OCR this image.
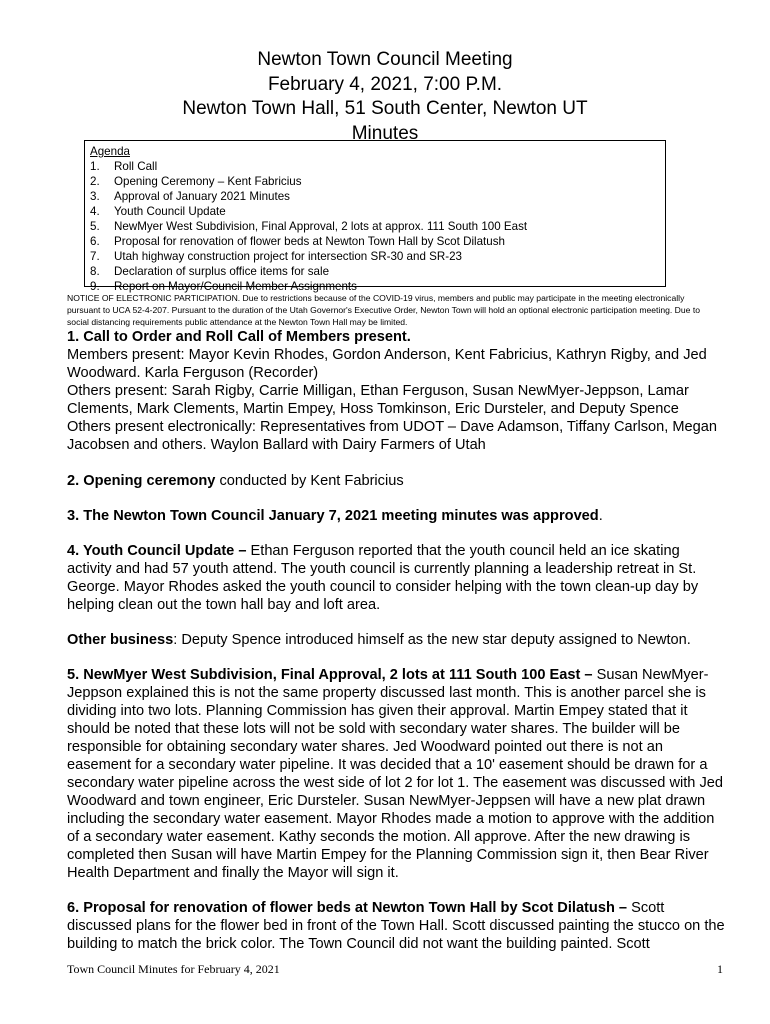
Newton Town Council Meeting
February 4, 2021, 7:00 P.M.
Newton Town Hall, 51 South Center, Newton UT
Minutes
Agenda
1.	Roll Call
2.	Opening Ceremony – Kent Fabricius
3.	Approval of January 2021 Minutes
4.	Youth Council Update
5.	NewMyer West Subdivision, Final Approval, 2 lots at approx. 111 South 100 East
6.	Proposal for renovation of flower beds at Newton Town Hall by Scot Dilatush
7.	Utah highway construction project for intersection SR-30 and SR-23
8.	Declaration of surplus office items for sale
9.	Report on Mayor/Council Member Assignments
NOTICE OF ELECTRONIC PARTICIPATION. Due to restrictions because of the COVID-19 virus, members and public may participate in the meeting electronically pursuant to UCA 52-4-207. Pursuant to the duration of the Utah Governor's Executive Order, Newton Town will hold an optional electronic participation meeting. Due to social distancing requirements public attendance at the Newton Town Hall may be limited.

1. Call to Order and Roll Call of Members present.
Members present: Mayor Kevin Rhodes, Gordon Anderson, Kent Fabricius, Kathryn Rigby, and Jed Woodward. Karla Ferguson (Recorder)
Others present: Sarah Rigby, Carrie Milligan, Ethan Ferguson, Susan NewMyer-Jeppson, Lamar Clements, Mark Clements, Martin Empey, Hoss Tomkinson, Eric Dursteler, and Deputy Spence
Others present electronically: Representatives from UDOT – Dave Adamson, Tiffany Carlson, Megan Jacobsen and others. Waylon Ballard with Dairy Farmers of Utah

2. Opening ceremony conducted by Kent Fabricius

3. The Newton Town Council January 7, 2021 meeting minutes was approved.

4. Youth Council Update – Ethan Ferguson reported that the youth council held an ice skating activity and had 57 youth attend. The youth council is currently planning a leadership retreat in St. George. Mayor Rhodes asked the youth council to consider helping with the town clean-up day by helping clean out the town hall bay and loft area.

Other business: Deputy Spence introduced himself as the new star deputy assigned to Newton.

5. NewMyer West Subdivision, Final Approval, 2 lots at 111 South 100 East – Susan NewMyer-Jeppson explained this is not the same property discussed last month. This is another parcel she is dividing into two lots. Planning Commission has given their approval. Martin Empey stated that it should be noted that these lots will not be sold with secondary water shares. The builder will be responsible for obtaining secondary water shares. Jed Woodward pointed out there is not an easement for a secondary water pipeline. It was decided that a 10' easement should be drawn for a secondary water pipeline across the west side of lot 2 for lot 1. The easement was discussed with Jed Woodward and town engineer, Eric Dursteler. Susan NewMyer-Jeppsen will have a new plat drawn including the secondary water easement. Mayor Rhodes made a motion to approve with the addition of a secondary water easement. Kathy seconds the motion. All approve. After the new drawing is completed then Susan will have Martin Empey for the Planning Commission sign it, then Bear River Health Department and finally the Mayor will sign it.

6. Proposal for renovation of flower beds at Newton Town Hall by Scot Dilatush – Scott discussed plans for the flower bed in front of the Town Hall. Scott discussed painting the stucco on the building to match the brick color. The Town Council did not want the building painted. Scott

Town Council Minutes for February 4, 2021	1
